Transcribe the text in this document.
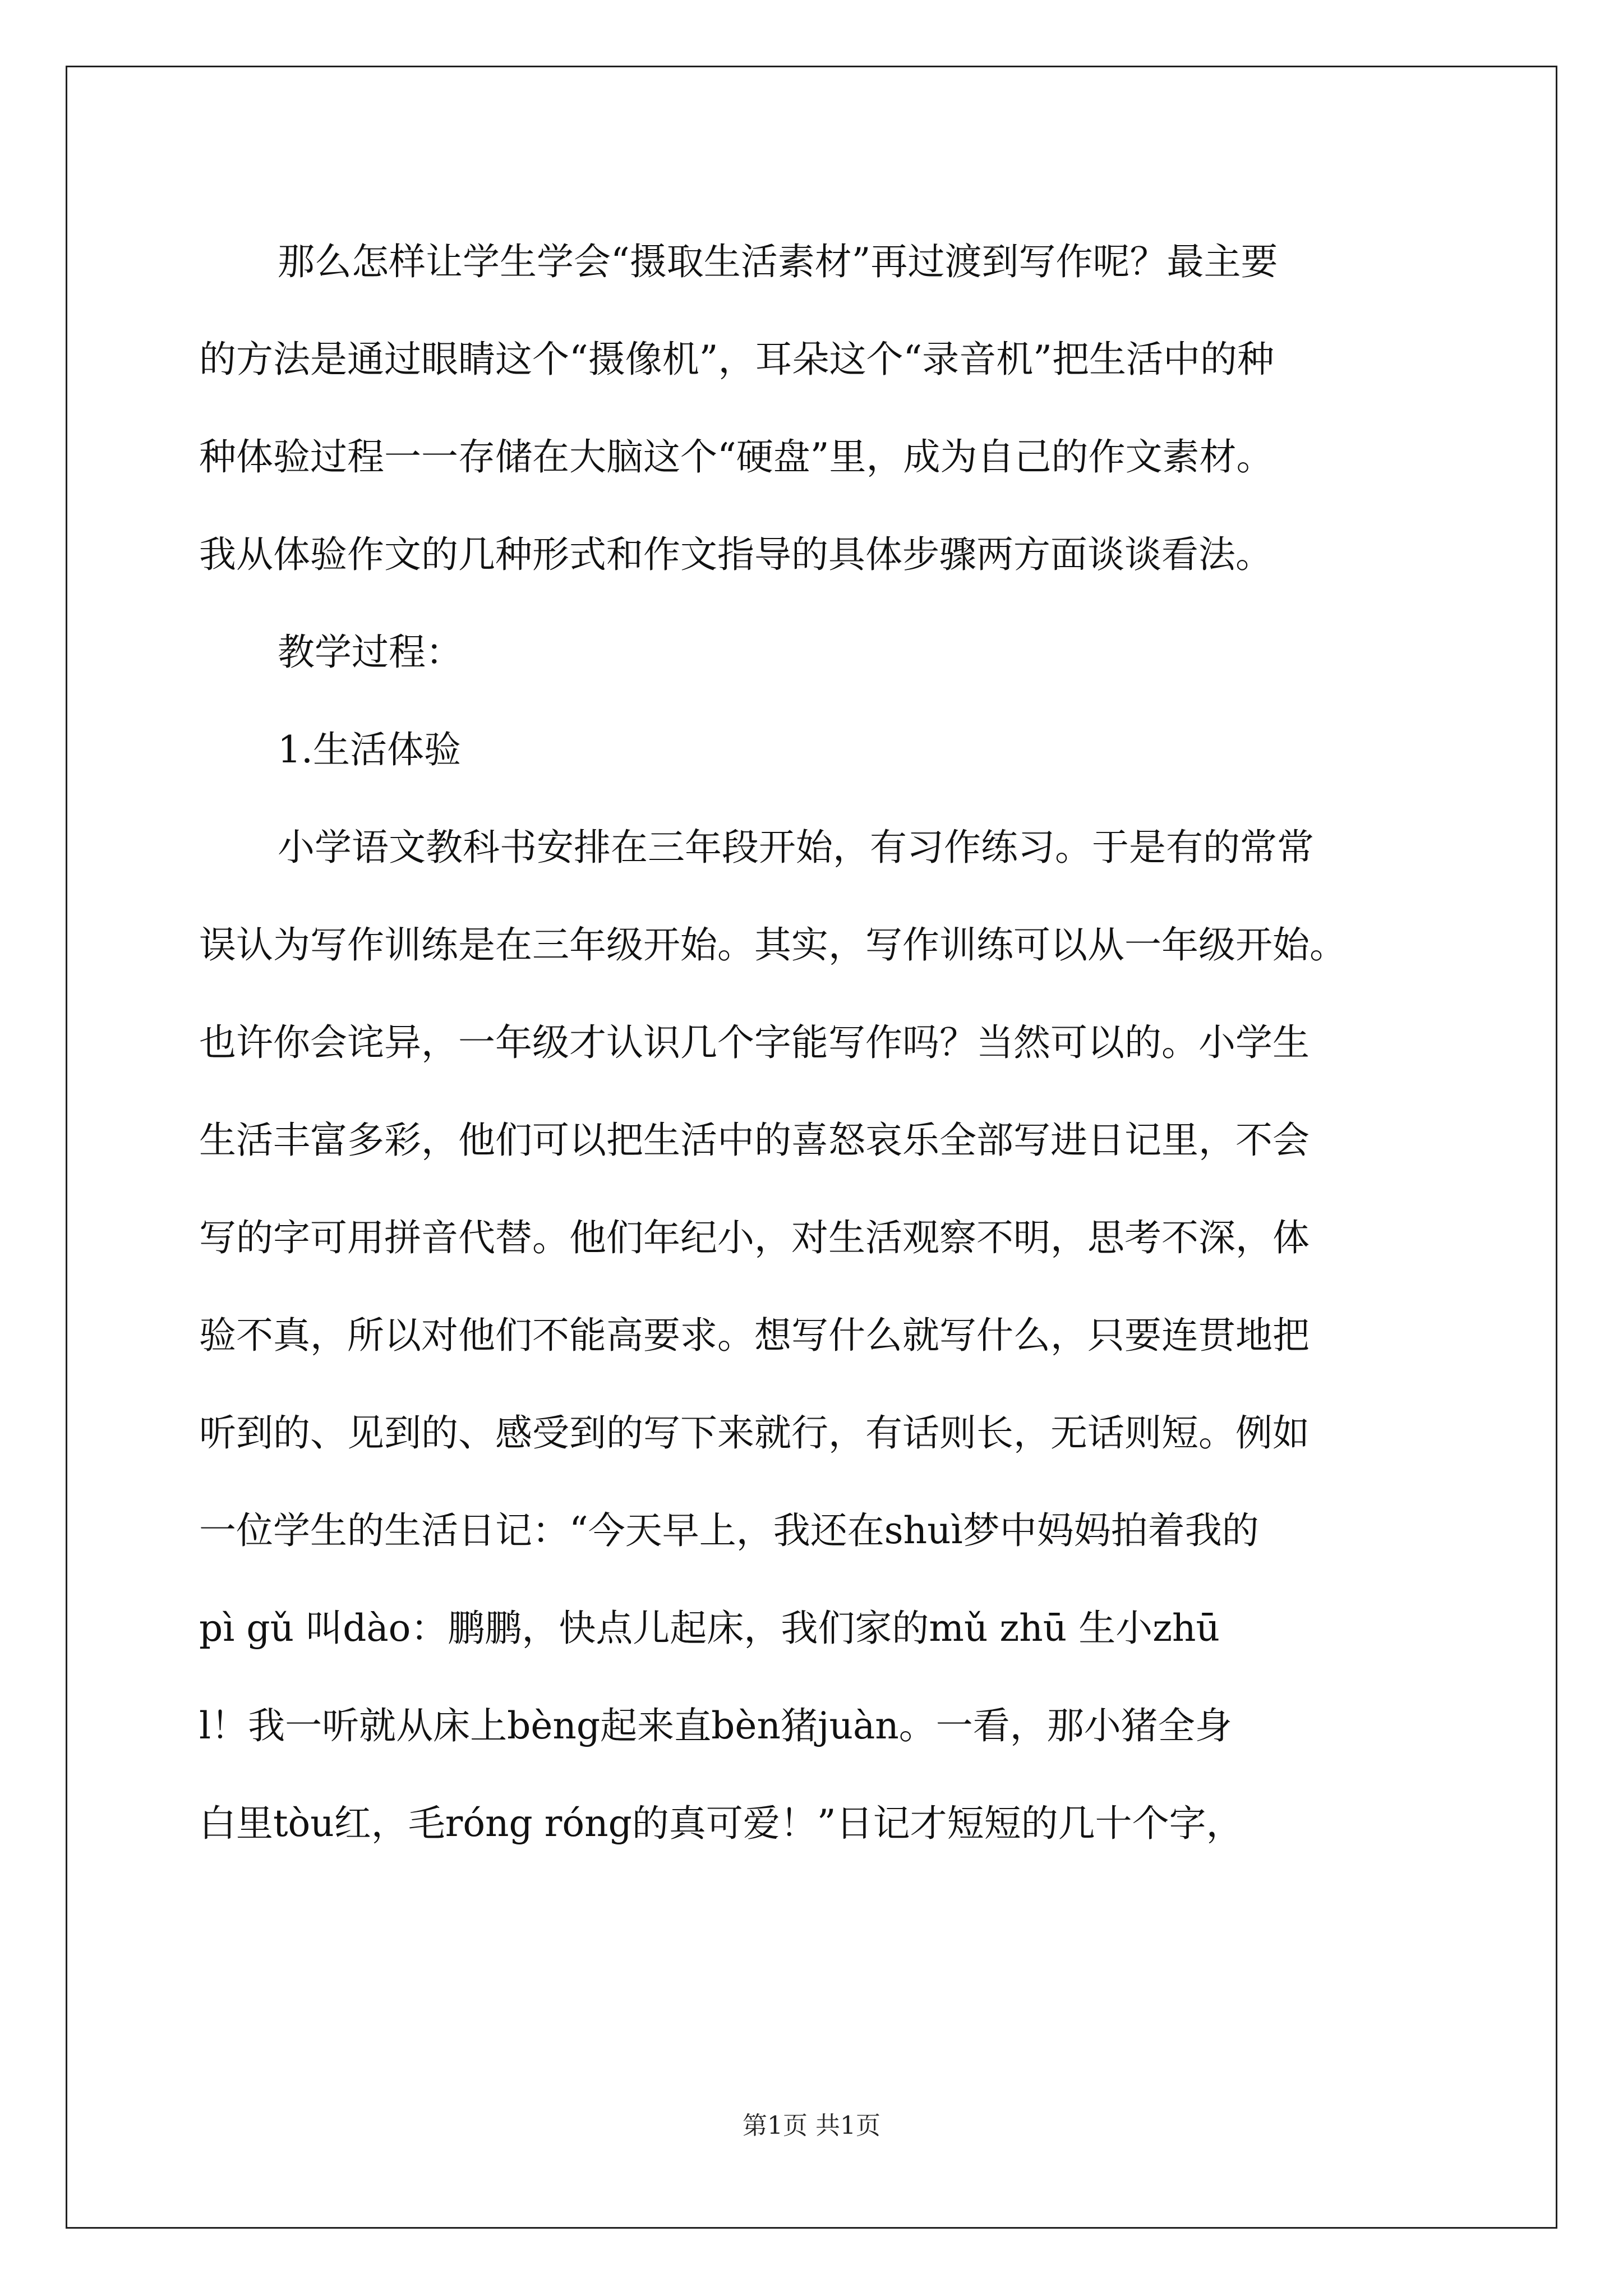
那么怎样让学生学会“摄取生活素材”再过渡到写作呢？最主要
的方法是通过眼睛这个“摄像机”，耳朵这个“录音机”把生活中的种
种体验过程一一存储在大脑这个“硬盘”里，成为自己的作文素材。
我从体验作文的几种形式和作文指导的具体步骤两方面谈谈看法。
教学过程：
1.生活体验
小学语文教科书安排在三年段开始，有习作练习。于是有的常常
误认为写作训练是在三年级开始。其实，写作训练可以从一年级开始。
也许你会诧异，一年级才认识几个字能写作吗？当然可以的。小学生
生活丰富多彩，他们可以把生活中的喜怒哀乐全部写进日记里，不会
写的字可用拼音代替。他们年纪小，对生活观察不明，思考不深，体
验不真，所以对他们不能高要求。想写什么就写什么，只要连贯地把
听到的、见到的、感受到的写下来就行，有话则长，无话则短。例如
一位学生的生活日记：“今天早上，我还在shuì梦中妈妈拍着我的
pì gǔ 叫dào：鹏鹏，快点儿起床，我们家的mǔ zhū 生小zhū
l！我一听就从床上bèng起来直bèn猪juàn。一看，那小猪全身
白里tòu红，毛róng róng的真可爱！”日记才短短的几十个字，
第1页 共1页
